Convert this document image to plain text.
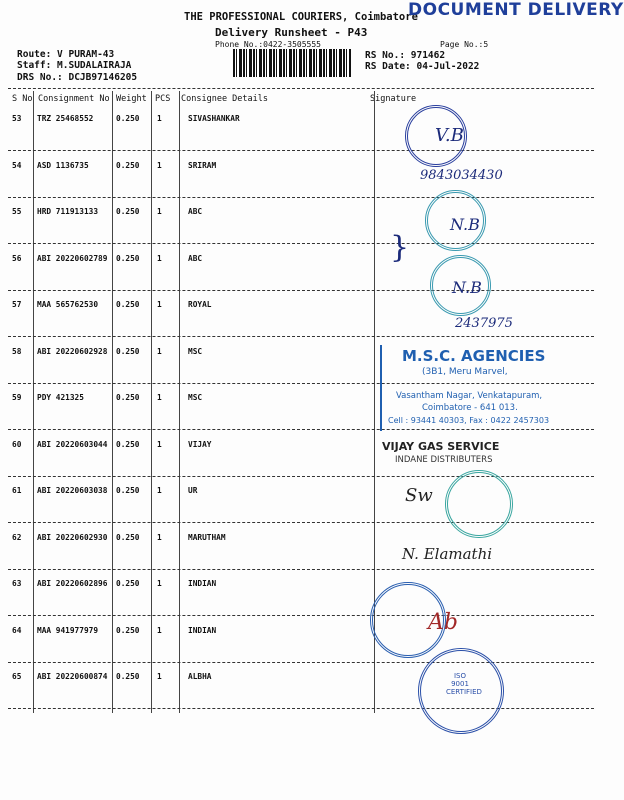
THE PROFESSIONAL COURIERS, Coimbatore
DOCUMENT DELIVERY
Delivery Runsheet - P43
Phone No.:0422-3505555	Page No.:5
Route: V PURAM-43
Staff: M.SUDALAIRAJA
DRS No.: DCJB97146205
RS No.: 971462
RS Date: 04-Jul-2022
S No Consignment No Weight PCS Consignee Details	Signature
53 TRZ 25468552	0.250 1	SIVASHANKAR
54 ASD 1136735	0.250 1	SRIRAM
55 HRD 711913133 0.250 1	ABC
56 ABI 20220602789 0.250 1	ABC
57 MAA 565762530 0.250 1	ROYAL
58 ABI 20220602928 0.250 1	MSC
59 PDY 421325	0.250 1	MSC
60 ABI 20220603044 0.250 1	VIJAY
61 ABI 20220603038 0.250 1	UR
62 ABI 20220602930 0.250 1	MARUTHAM
63 ABI 20220602896 0.250 1	INDIAN
64 MAA 941977979 0.250 1	INDIAN
65 ABI 20220600874 0.250 1	ALBHA
V.B
9843034430
N.B
N.B
}
2437975
M.S.C. AGENCIES
(3B1, Meru Marvel,
Vasantham Nagar, Venkatapuram,
Coimbatore - 641 013.
Cell : 93441 40303, Fax : 0422 2457303
VIJAY GAS SERVICE
INDANE DISTRIBUTERS
Sw
N. Elamathi
Ab
ISO
9001
CERTIFIED
